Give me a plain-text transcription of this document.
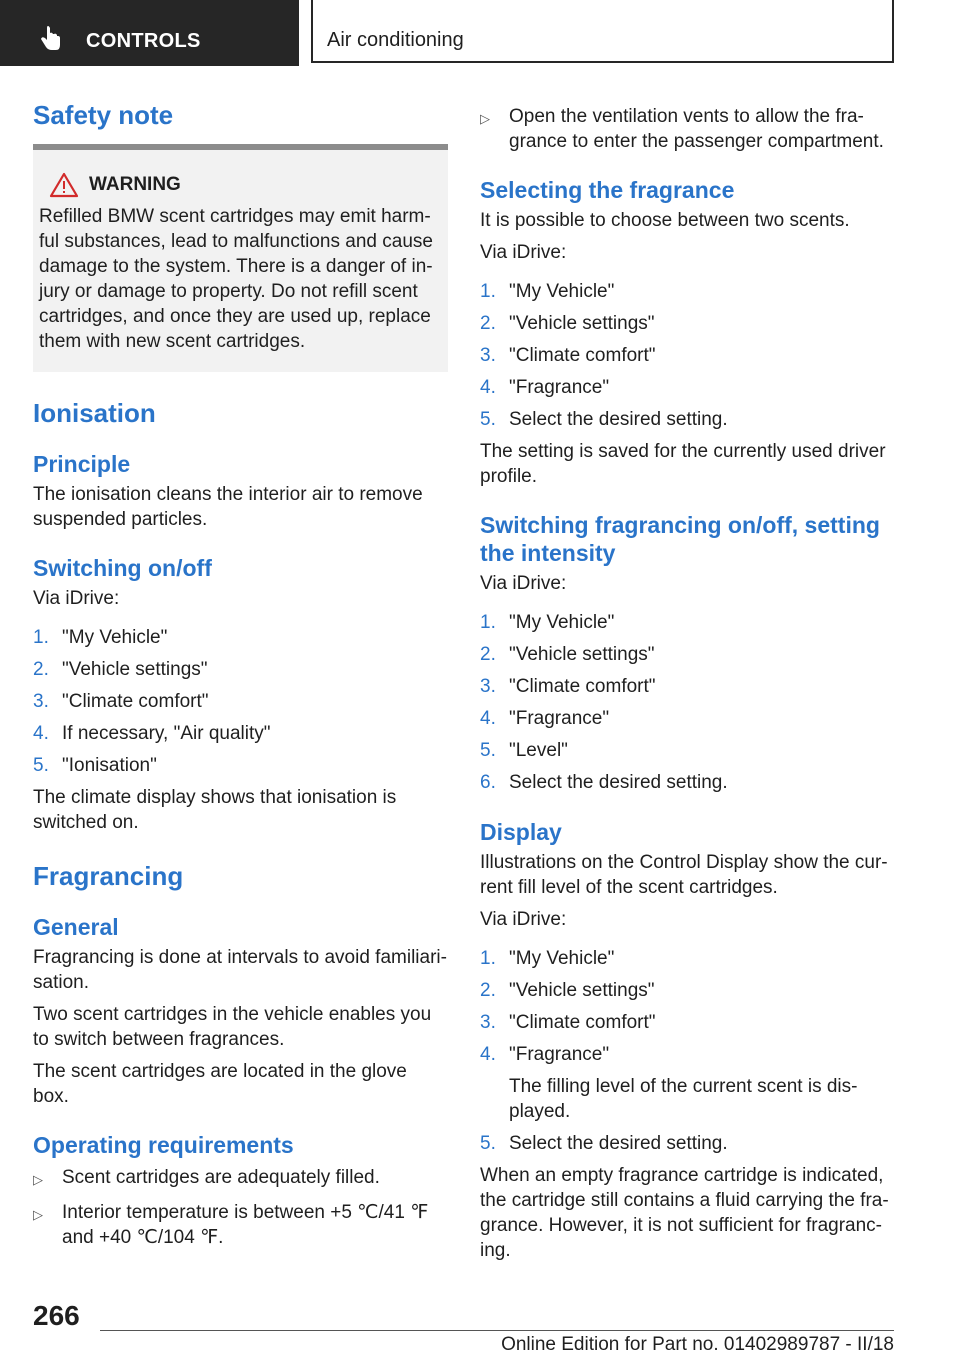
CONTROLS	Air conditioning
Safety note
WARNING

Refilled BMW scent cartridges may emit harm-

ful substances, lead to malfunctions and cause

damage to the system. There is a danger of in-

jury or damage to property. Do not refill scent

cartridges, and once they are used up, replace

them with new scent cartridges.

Ionisation
Principle

The ionisation cleans the interior air to remove

suspended particles.

Switching on/off

Via iDrive:

1. "My Vehicle"
2. "Vehicle settings"
3. "Climate comfort"
4. If necessary, "Air quality"
5. "Ionisation"

The climate display shows that ionisation is

switched on.

Fragrancing
General

Fragrancing is done at intervals to avoid familiari-

sation.

Two scent cartridges in the vehicle enables you

to switch between fragrances.

The scent cartridges are located in the glove box.

Operating requirements
▷	Scent cartridges are adequately filled.
▷	Interior temperature is between +5 ℃/41 ℉
and +40 ℃/104 ℉.
▷	Open the ventilation vents to allow the fra-
grance to enter the passenger compartment.
Selecting the fragrance

It is possible to choose between two scents.

Via iDrive:

1. "My Vehicle"
2. "Vehicle settings"
3. "Climate comfort"
4. "Fragrance"
5. Select the desired setting.

The setting is saved for the currently used driver

profile.

Switching fragrancing on/off, setting
the intensity

Via iDrive:

1. "My Vehicle"
2. "Vehicle settings"
3. "Climate comfort"
4. "Fragrance"
5. "Level"
6. Select the desired setting.
Display

Illustrations on the Control Display show the cur-

rent fill level of the scent cartridges.

Via iDrive:

1. "My Vehicle"
2. "Vehicle settings"
3. "Climate comfort"
4. "Fragrance"
The filling level of the current scent is dis-
played.
5. Select the desired setting.

When an empty fragrance cartridge is indicated,

the cartridge still contains a fluid carrying the fra-

grance. However, it is not sufficient for fragranc-

ing.

266
Online Edition for Part no. 01402989787 - II/18
